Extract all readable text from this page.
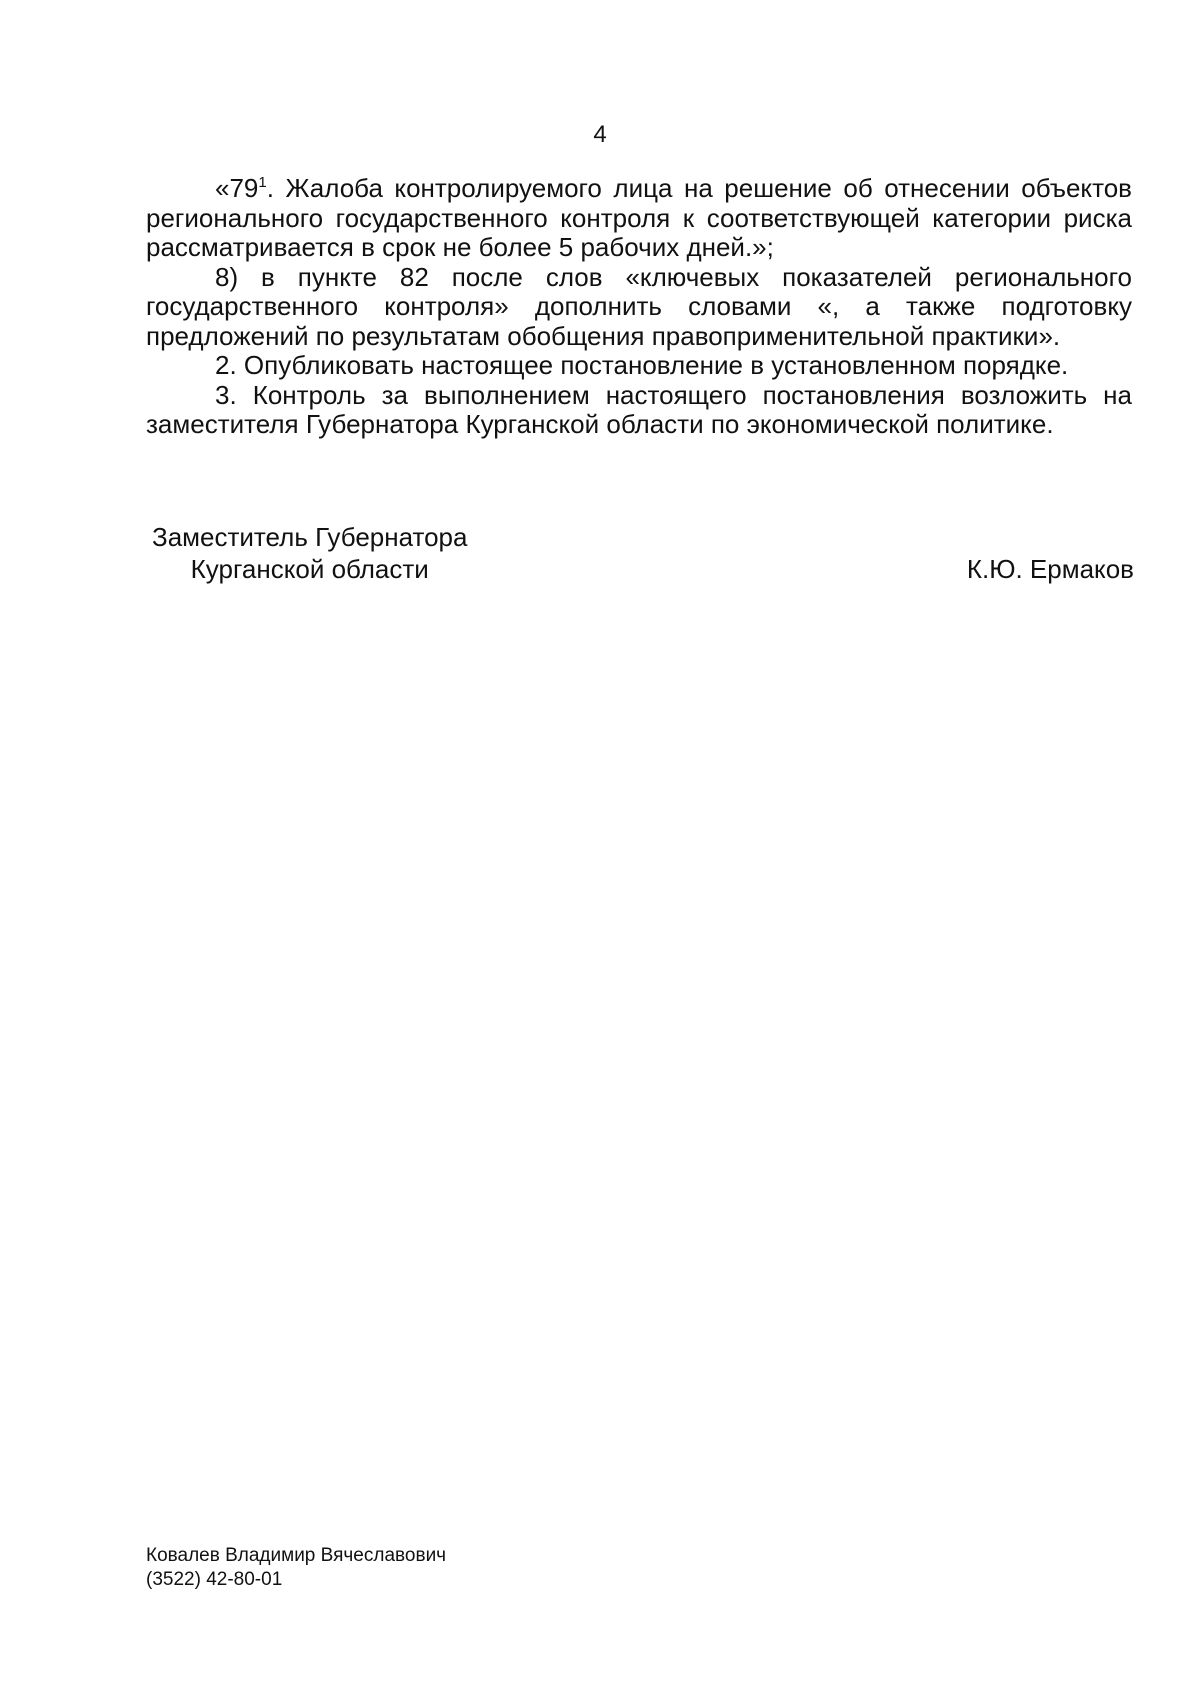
4

«$79^1$. Жалоба контролируемого лица на решение об отнесении объектов регионального государственного контроля к соответствующей категории риска рассматривается в срок не более 5 рабочих дней.»;

8) в пункте 82 после слов «ключевых показателей регионального государственного контроля» дополнить словами «, а также подготовку предложений по результатам обобщения правоприменительной практики».

2. Опубликовать настоящее постановление в установленном порядке.

3. Контроль за выполнением настоящего постановления возложить на заместителя Губернатора Курганской области по экономической политике.

Заместитель Губернатора
Курганской области	К.Ю. Ермаков
Ковалев Владимир Вячеславович
(3522) 42-80-01
